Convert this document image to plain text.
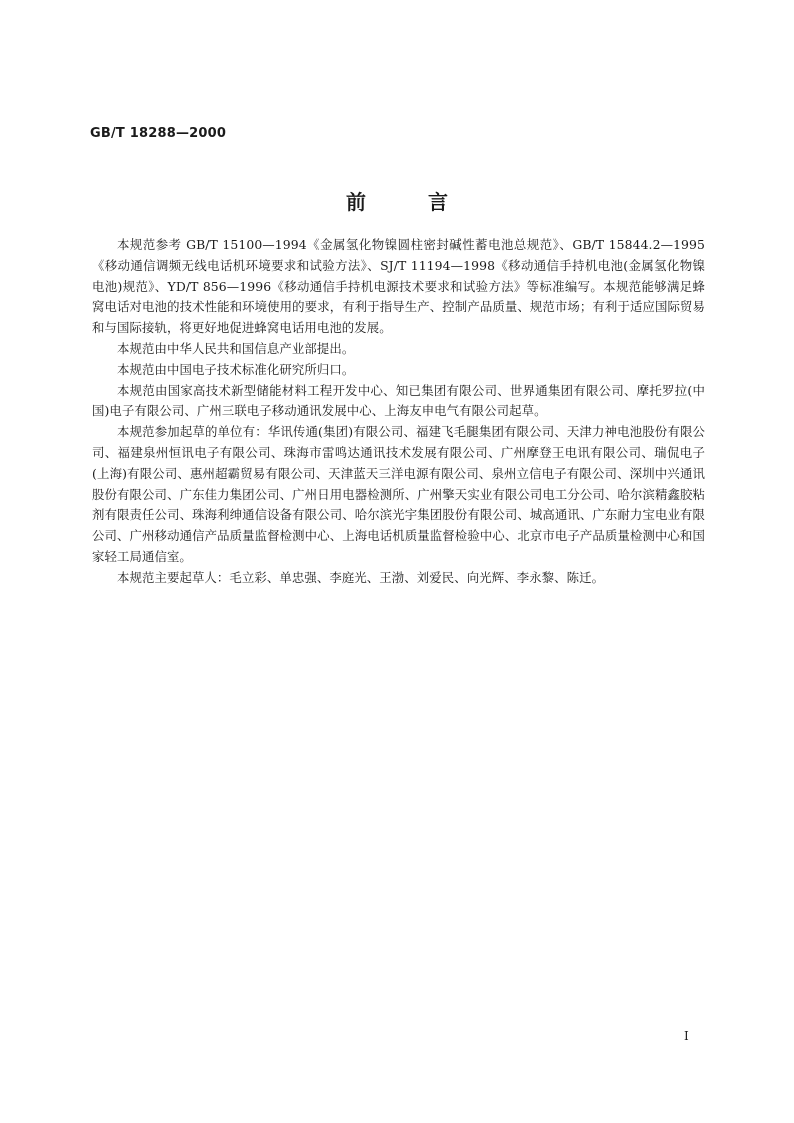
GB/T 18288—2000
前言

本规范参考 GB/T 15100—1994《金属氢化物镍圆柱密封碱性蓄电池总规范》、GB/T 15844.2—1995《移动通信调频无线电话机环境要求和试验方法》、SJ/T 11194—1998《移动通信手持机电池(金属氢化物镍电池)规范》、YD/T 856—1996《移动通信手持机电源技术要求和试验方法》等标准编写。本规范能够满足蜂窝电话对电池的技术性能和环境使用的要求，有利于指导生产、控制产品质量、规范市场；有利于适应国际贸易和与国际接轨，将更好地促进蜂窝电话用电池的发展。

本规范由中华人民共和国信息产业部提出。

本规范由中国电子技术标准化研究所归口。

本规范由国家高技术新型储能材料工程开发中心、知已集团有限公司、世界通集团有限公司、摩托罗拉(中国)电子有限公司、广州三联电子移动通讯发展中心、上海友申电气有限公司起草。

本规范参加起草的单位有：华讯传通(集团)有限公司、福建飞毛腿集团有限公司、天津力神电池股份有限公司、福建泉州恒讯电子有限公司、珠海市雷鸣达通讯技术发展有限公司、广州摩登王电讯有限公司、瑞侃电子(上海)有限公司、惠州超霸贸易有限公司、天津蓝天三洋电源有限公司、泉州立信电子有限公司、深圳中兴通讯股份有限公司、广东佳力集团公司、广州日用电器检测所、广州擎天实业有限公司电工分公司、哈尔滨精鑫胶粘剂有限责任公司、珠海利绅通信设备有限公司、哈尔滨光宇集团股份有限公司、城高通讯、广东耐力宝电业有限公司、广州移动通信产品质量监督检测中心、上海电话机质量监督检验中心、北京市电子产品质量检测中心和国家轻工局通信室。

本规范主要起草人：毛立彩、单忠强、李庭光、王渤、刘爱民、向光辉、李永黎、陈迁。

I
